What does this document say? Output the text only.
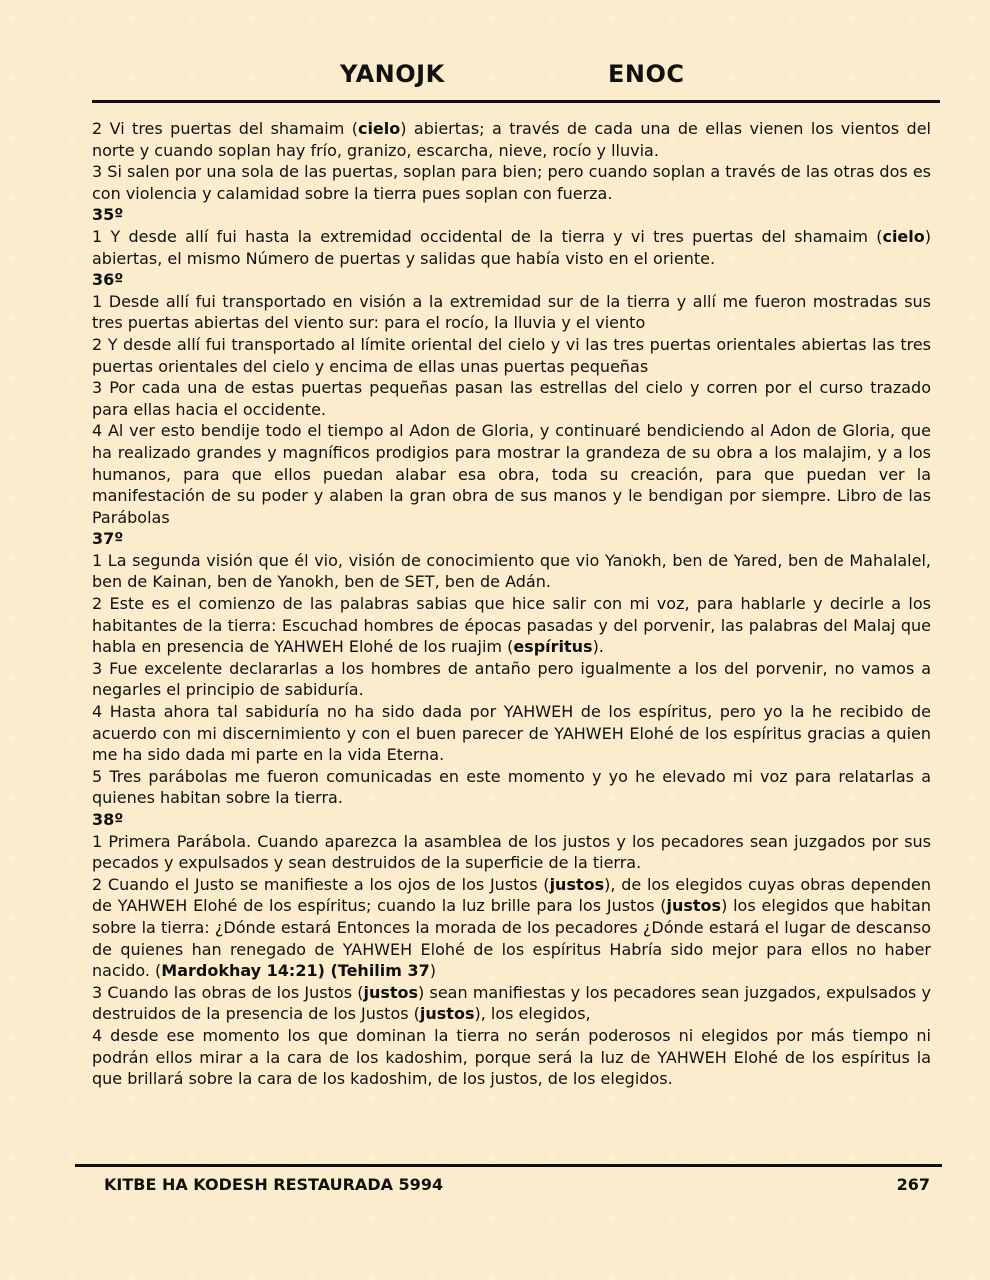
YANOJK	ENOC

2 Vi tres puertas del shamaim (cielo) abiertas; a través de cada una de ellas vienen los vientos del norte y cuando soplan hay frío, granizo, escarcha, nieve, rocío y lluvia.

3 Si salen por una sola de las puertas, soplan para bien; pero cuando soplan a través de las otras dos es con violencia y calamidad sobre la tierra pues soplan con fuerza.

35º

1 Y desde allí fui hasta la extremidad occidental de la tierra y vi tres puertas del shamaim (cielo) abiertas, el mismo Número de puertas y salidas que había visto en el oriente.

36º

1 Desde allí fui transportado en visión a la extremidad sur de la tierra y allí me fueron mostradas sus tres puertas abiertas del viento sur: para el rocío, la lluvia y el viento

2 Y desde allí fui transportado al límite oriental del cielo y vi las tres puertas orientales abiertas las tres puertas orientales del cielo y encima de ellas unas puertas pequeñas

3 Por cada una de estas puertas pequeñas pasan las estrellas del cielo y corren por el curso trazado para ellas hacia el occidente.

4 Al ver esto bendije todo el tiempo al Adon de Gloria, y continuaré bendiciendo al Adon de Gloria, que ha realizado grandes y magníficos prodigios para mostrar la grandeza de su obra a los malajim, y a los humanos, para que ellos puedan alabar esa obra, toda su creación, para que puedan ver la manifestación de su poder y alaben la gran obra de sus manos y le bendigan por siempre. Libro de las Parábolas

37º

1 La segunda visión que él vio, visión de conocimiento que vio Yanokh, ben de Yared, ben de Mahalalel, ben de Kainan, ben de Yanokh, ben de SET, ben de Adán.

2 Este es el comienzo de las palabras sabias que hice salir con mi voz, para hablarle y decirle a los habitantes de la tierra: Escuchad hombres de épocas pasadas y del porvenir, las palabras del Malaj que habla en presencia de YAHWEH Elohé de los ruajim (espíritus).

3 Fue excelente declararlas a los hombres de antaño pero igualmente a los del porvenir, no vamos a negarles el principio de sabiduría.

4 Hasta ahora tal sabiduría no ha sido dada por YAHWEH de los espíritus, pero yo la he recibido de acuerdo con mi discernimiento y con el buen parecer de YAHWEH Elohé de los espíritus gracias a quien me ha sido dada mi parte en la vida Eterna.

5 Tres parábolas me fueron comunicadas en este momento y yo he elevado mi voz para relatarlas a quienes habitan sobre la tierra.

38º

1 Primera Parábola. Cuando aparezca la asamblea de los justos y los pecadores sean juzgados por sus pecados y expulsados y sean destruidos de la superficie de la tierra.

2 Cuando el Justo se manifieste a los ojos de los Justos (justos), de los elegidos cuyas obras dependen de YAHWEH Elohé de los espíritus; cuando la luz brille para los Justos (justos) los elegidos que habitan sobre la tierra: ¿Dónde estará Entonces la morada de los pecadores ¿Dónde estará el lugar de descanso de quienes han renegado de YAHWEH Elohé de los espíritus Habría sido mejor para ellos no haber nacido. (Mardokhay 14:21) (Tehilim 37)

3 Cuando las obras de los Justos (justos) sean manifiestas y los pecadores sean juzgados, expulsados y destruidos de la presencia de los Justos (justos), los elegidos,

4 desde ese momento los que dominan la tierra no serán poderosos ni elegidos por más tiempo ni podrán ellos mirar a la cara de los kadoshim, porque será la luz de YAHWEH Elohé de los espíritus la que brillará sobre la cara de los kadoshim, de los justos, de los elegidos.

KITBE HA KODESH RESTAURADA 5994	267
